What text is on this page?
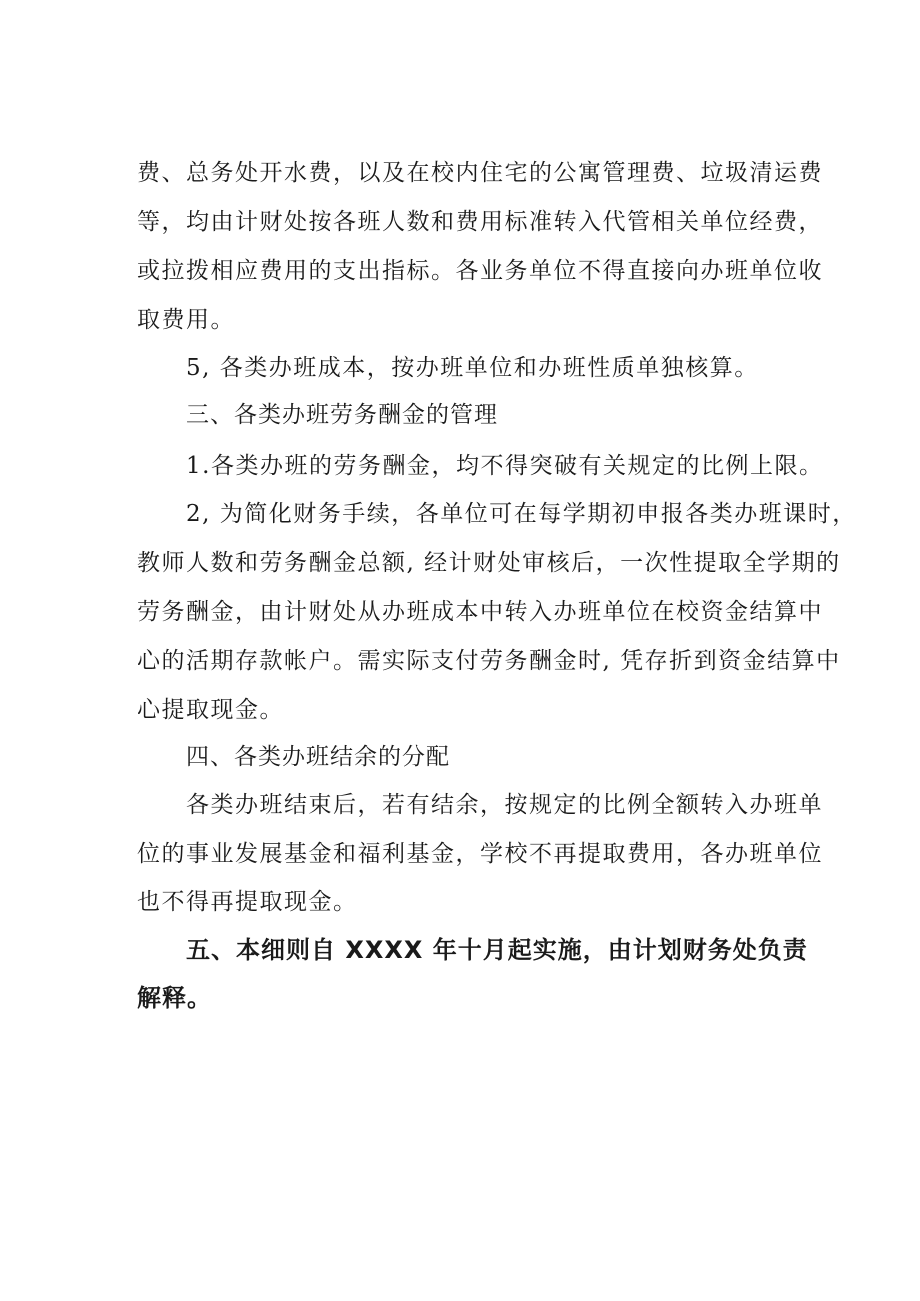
费、总务处开水费，以及在校内住宅的公寓管理费、垃圾清运费
等，均由计财处按各班人数和费用标准转入代管相关单位经费，
或拉拨相应费用的支出指标。各业务单位不得直接向办班单位收
取费用。
5, 各类办班成本，按办班单位和办班性质单独核算。
三、各类办班劳务酬金的管理
1.各类办班的劳务酬金，均不得突破有关规定的比例上限。
2, 为简化财务手续，各单位可在每学期初申报各类办班课时，
教师人数和劳务酬金总额, 经计财处审核后，一次性提取全学期的
劳务酬金，由计财处从办班成本中转入办班单位在校资金结算中
心的活期存款帐户。需实际支付劳务酬金时, 凭存折到资金结算中
心提取现金。
四、各类办班结余的分配
各类办班结束后，若有结余，按规定的比例全额转入办班单
位的事业发展基金和福利基金，学校不再提取费用，各办班单位
也不得再提取现金。
五、本细则自 XXXX 年十月起实施，由计划财务处负责
解释。
